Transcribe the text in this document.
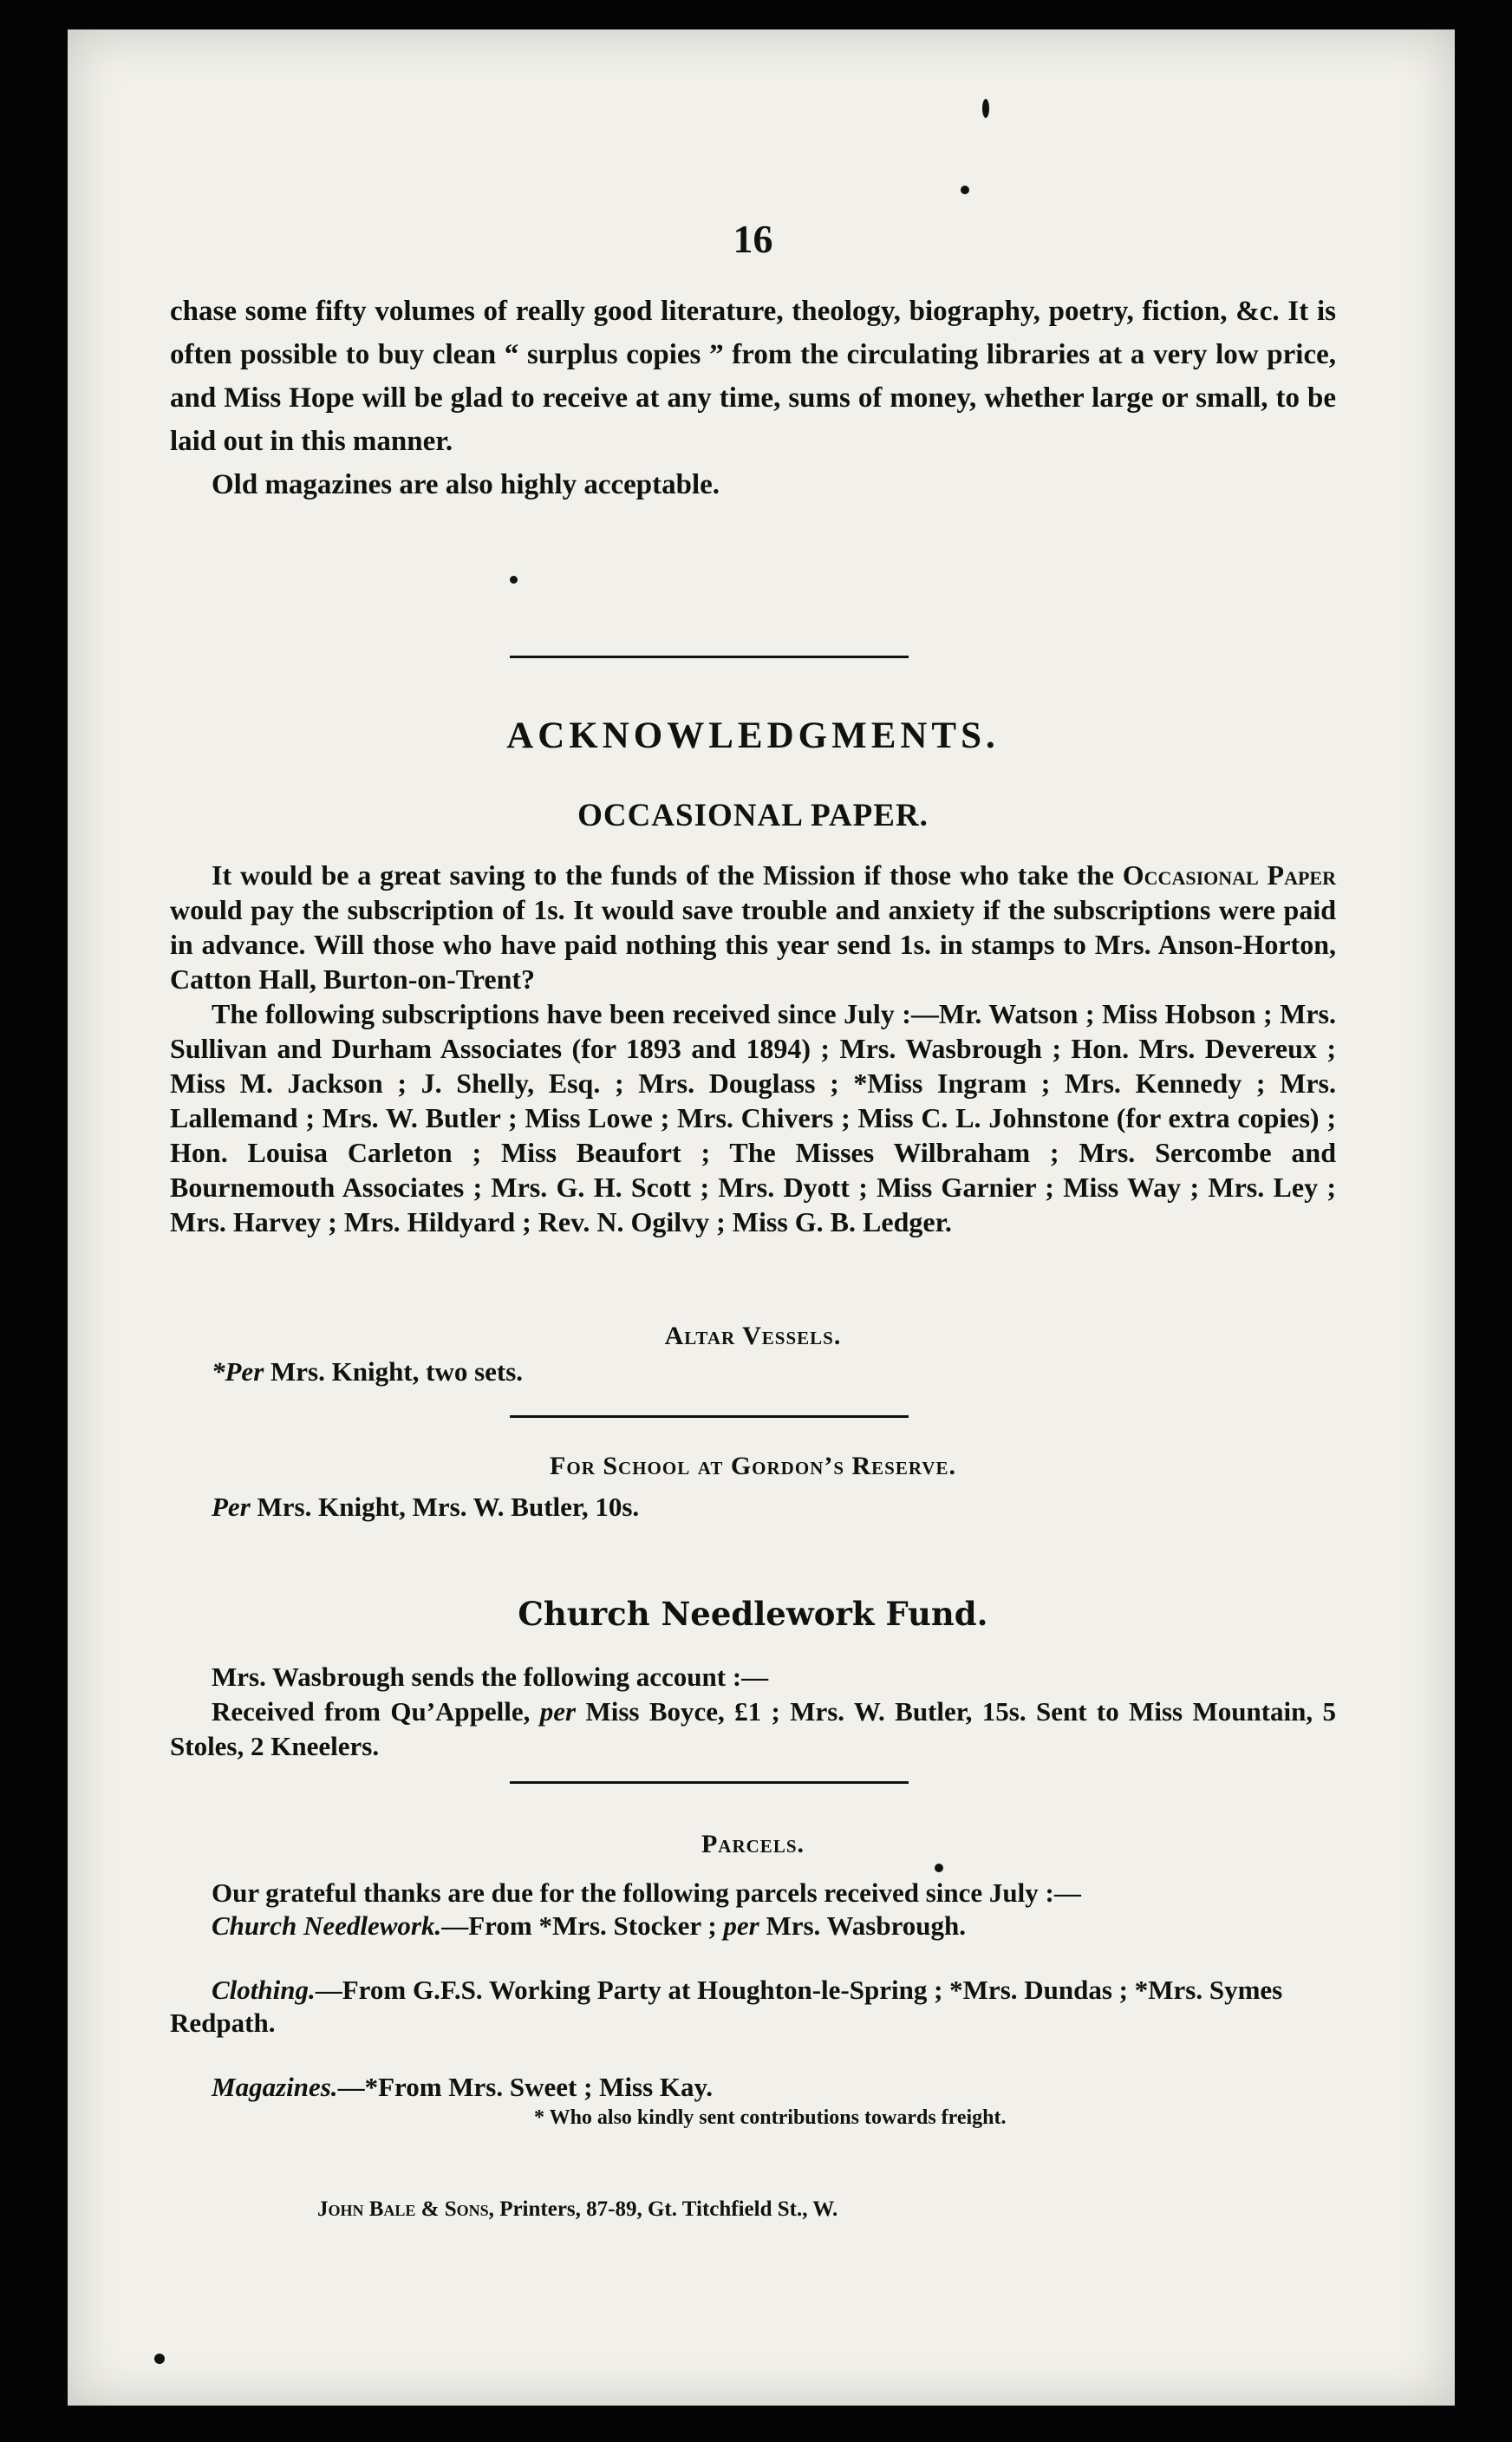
16

chase some fifty volumes of really good literature, theology, biography, poetry, fiction, &c. It is often possible to buy clean “ surplus copies ” from the circulating libraries at a very low price, and Miss Hope will be glad to receive at any time, sums of money, whether large or small, to be laid out in this manner.

Old magazines are also highly acceptable.

ACKNOWLEDGMENTS.
OCCASIONAL PAPER.

It would be a great saving to the funds of the Mission if those who take the Occasional Paper would pay the subscription of 1s. It would save trouble and anxiety if the subscriptions were paid in advance. Will those who have paid nothing this year send 1s. in stamps to Mrs. Anson-Horton, Catton Hall, Burton-on-Trent?

The following subscriptions have been received since July :—Mr. Watson ; Miss Hobson ; Mrs. Sullivan and Durham Associates (for 1893 and 1894) ; Mrs. Wasbrough ; Hon. Mrs. Devereux ; Miss M. Jackson ; J. Shelly, Esq. ; Mrs. Douglass ; *Miss Ingram ; Mrs. Kennedy ; Mrs. Lallemand ; Mrs. W. Butler ; Miss Lowe ; Mrs. Chivers ; Miss C. L. Johnstone (for extra copies) ; Hon. Louisa Carleton ; Miss Beaufort ; The Misses Wilbraham ; Mrs. Sercombe and Bournemouth Associates ; Mrs. G. H. Scott ; Mrs. Dyott ; Miss Garnier ; Miss Way ; Mrs. Ley ; Mrs. Harvey ; Mrs. Hildyard ; Rev. N. Ogilvy ; Miss G. B. Ledger.

Altar Vessels.
*Per Mrs. Knight, two sets.
For School at Gordon’s Reserve.
Per Mrs. Knight, Mrs. W. Butler, 10s.
Church Needlework Fund.

Mrs. Wasbrough sends the following account :—

Received from Qu’Appelle, per Miss Boyce, £1 ; Mrs. W. Butler, 15s. Sent to Miss Mountain, 5 Stoles, 2 Kneelers.

Parcels.

Our grateful thanks are due for the following parcels received since July :—

Church Needlework.—From *Mrs. Stocker ; per Mrs. Wasbrough.

Clothing.—From G.F.S. Working Party at Houghton-le-Spring ; *Mrs. Dundas ; *Mrs. Symes Redpath.

Magazines.—*From Mrs. Sweet ; Miss Kay.

* Who also kindly sent contributions towards freight.
John Bale & Sons, Printers, 87-89, Gt. Titchfield St., W.
